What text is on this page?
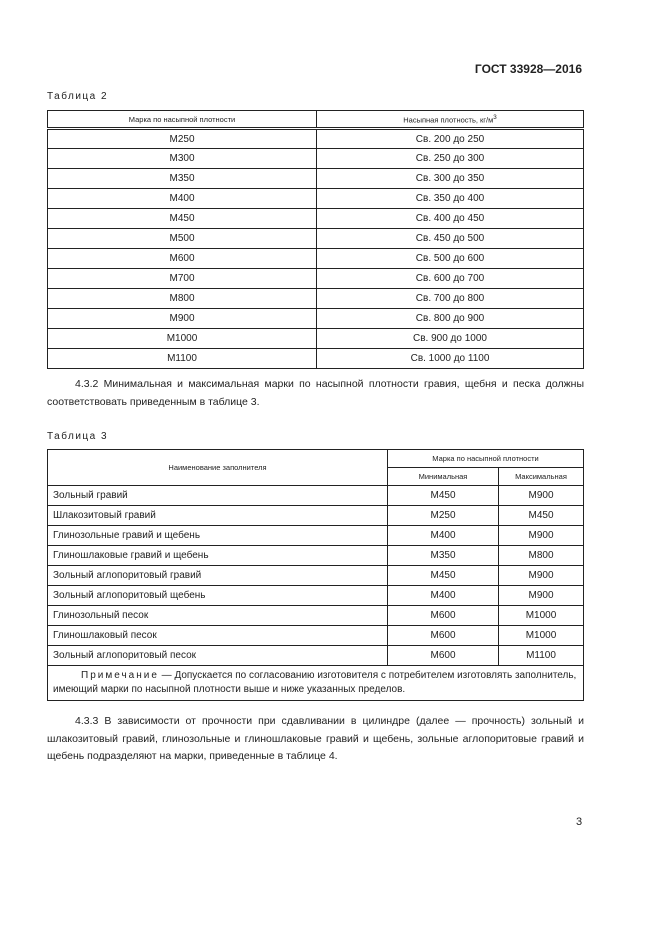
ГОСТ 33928—2016
Таблица 2
Марка по насыпной плотности	Насыпная плотность, $кг/м^3$
М250	Св. 200 до 250
М300	Св. 250 до 300
М350	Св. 300 до 350
М400	Св. 350 до 400
М450	Св. 400 до 450
М500	Св. 450 до 500
М600	Св. 500 до 600
М700	Св. 600 до 700
М800	Св. 700 до 800
М900	Св. 800 до 900
М1000	Св. 900 до 1000
М1100	Св. 1000 до 1100

4.3.2 Минимальная и максимальная марки по насыпной плотности гравия, щебня и песка должны соответствовать приведенным в таблице 3.

Таблица 3
Наименование заполнителя	Марка по насыпной плотности	
	Минимальная	Максимальная
Зольный гравий	М450	М900
Шлакозитовый гравий	М250	М450
Глинозольные гравий и щебень	М400	М900
Глиношлаковые гравий и щебень	М350	М800
Зольный аглопоритовый гравий	М450	М900
Зольный аглопоритовый щебень	М400	М900
Глинозольный песок	М600	М1000
Глиношлаковый песок	М600	М1000
Зольный аглопоритовый песок	М600	М1100
Примечание — Допускается по согласованию изготовителя с потребителем изготовлять заполнитель, имеющий марки по насыпной плотности выше и ниже указанных пределов.		

4.3.3 В зависимости от прочности при сдавливании в цилиндре (далее — прочность) зольный и шлакозитовый гравий, глинозольные и глиношлаковые гравий и щебень, зольные аглопоритовые гравий и щебень подразделяют на марки, приведенные в таблице 4.

3
